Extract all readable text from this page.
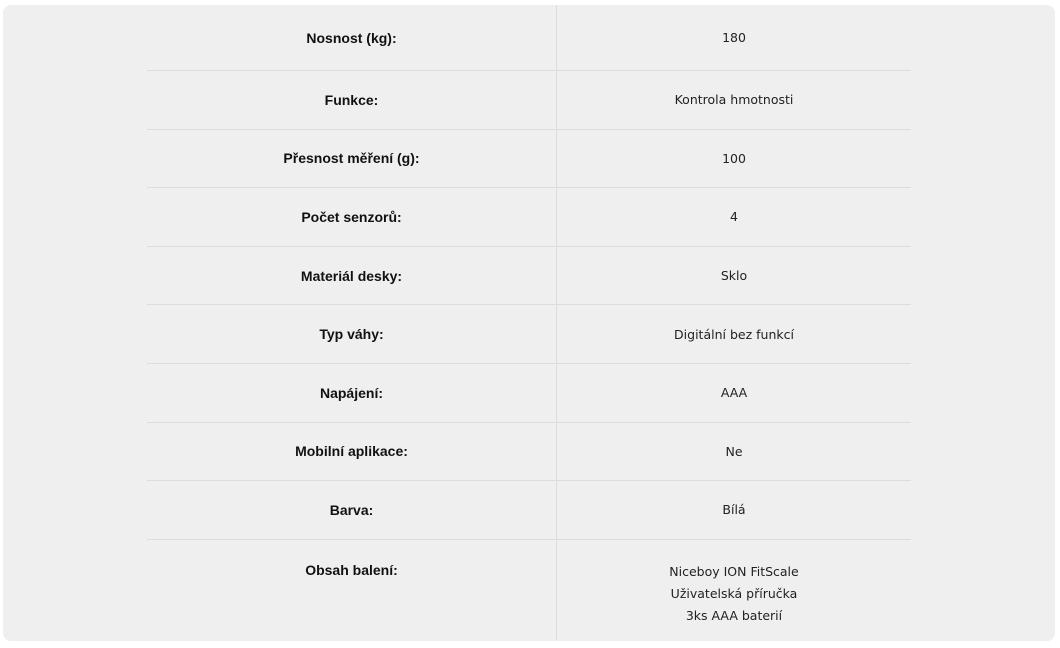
Nosnost (kg):	180
Funkce:	Kontrola hmotnosti
Přesnost měření (g):	100
Počet senzorů:	4
Materiál desky:	Sklo
Typ váhy:	Digitální bez funkcí
Napájení:	AAA
Mobilní aplikace:	Ne
Barva:	Bílá
Obsah balení:	Niceboy ION FitScale
Uživatelská příručka
3ks AAA baterií
